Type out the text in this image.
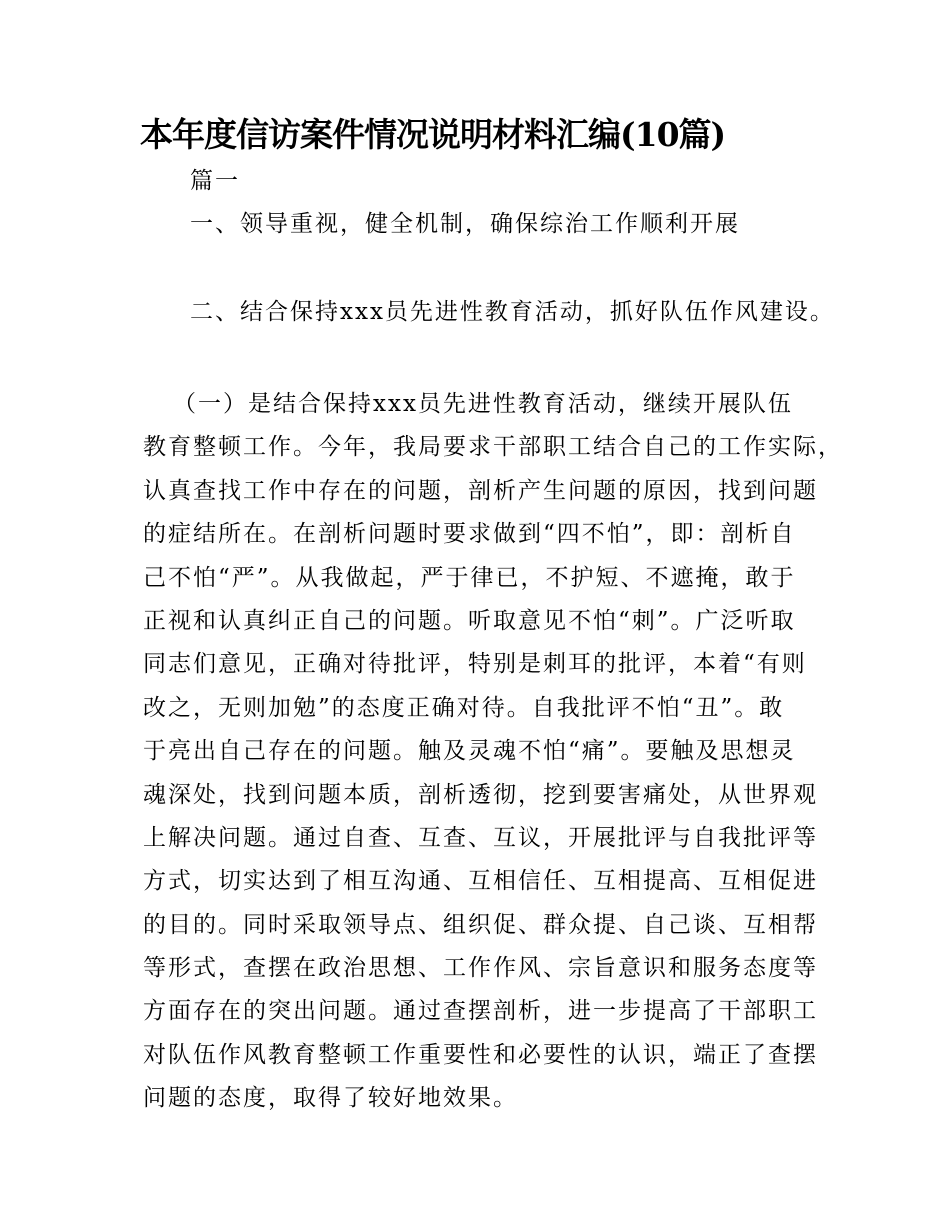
本年度信访案件情况说明材料汇编(10篇)

篇一

一、领导重视，健全机制，确保综治工作顺利开展

二、结合保持xxx员先进性教育活动，抓好队伍作风建设。

（一）是结合保持xxx员先进性教育活动，继续开展队伍
教育整顿工作。今年，我局要求干部职工结合自己的工作实际，
认真查找工作中存在的问题，剖析产生问题的原因，找到问题
的症结所在。在剖析问题时要求做到“四不怕”，即：剖析自
己不怕“严”。从我做起，严于律已，不护短、不遮掩，敢于
正视和认真纠正自己的问题。听取意见不怕“刺”。广泛听取
同志们意见，正确对待批评，特别是刺耳的批评，本着“有则
改之，无则加勉”的态度正确对待。自我批评不怕“丑”。敢
于亮出自己存在的问题。触及灵魂不怕“痛”。要触及思想灵
魂深处，找到问题本质，剖析透彻，挖到要害痛处，从世界观
上解决问题。通过自查、互查、互议，开展批评与自我批评等
方式，切实达到了相互沟通、互相信任、互相提高、互相促进
的目的。同时采取领导点、组织促、群众提、自己谈、互相帮
等形式，查摆在政治思想、工作作风、宗旨意识和服务态度等
方面存在的突出问题。通过查摆剖析，进一步提高了干部职工
对队伍作风教育整顿工作重要性和必要性的认识，端正了查摆
问题的态度，取得了较好地效果。
